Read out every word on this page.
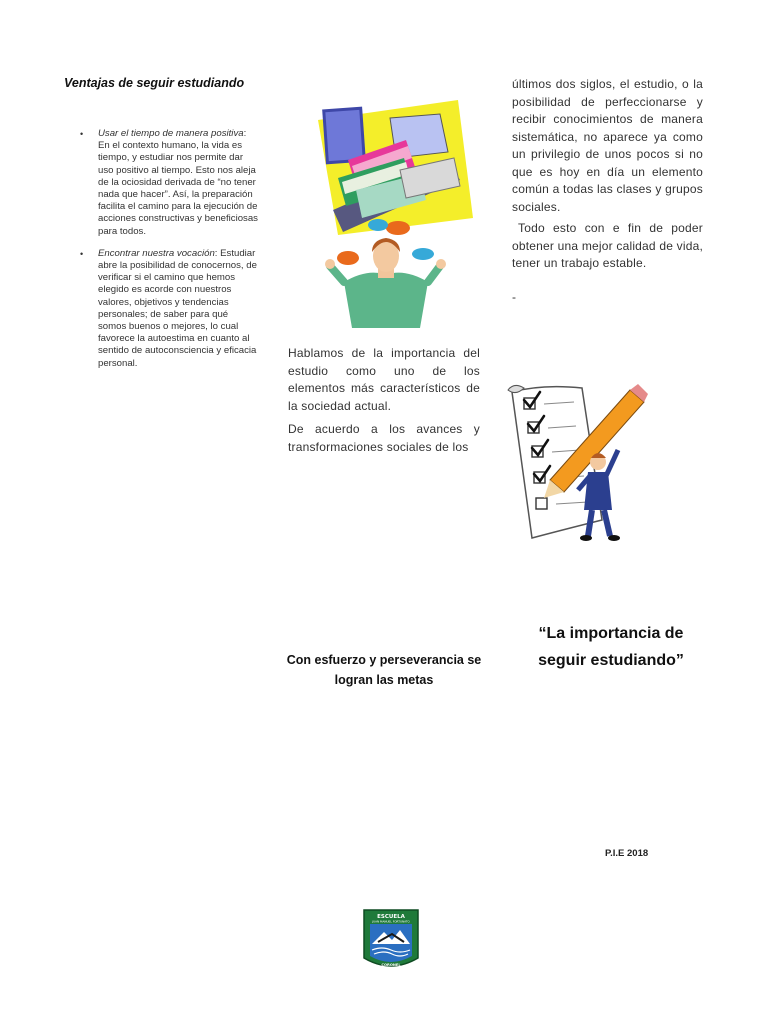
Ventajas de seguir estudiando
• Usar el tiempo de manera positiva: En el contexto humano, la vida es tiempo, y estudiar nos permite dar uso positivo al tiempo. Esto nos aleja de la ociosidad derivada de “no tener nada que hacer”. Así, la preparación facilita el camino para la ejecución de acciones constructivas y beneficiosas para todos.
• Encontrar nuestra vocación: Estudiar abre la posibilidad de conocernos, de verificar si el camino que hemos elegido es acorde con nuestros valores, objetivos y tendencias personales; de saber para qué somos buenos o mejores, lo cual favorece la autoestima en cuanto al sentido de autoconsciencia y eficacia personal.
Hablamos de la importancia del estudio como uno de los elementos más característicos de la sociedad actual.
De acuerdo a los avances y transformaciones sociales de los
Con esfuerzo y perseverancia se logran las metas
últimos dos siglos, el estudio, o la posibilidad de perfeccionarse y recibir conocimientos de manera sistemática, no aparece ya como un privilegio de unos pocos si no que es hoy en día un elemento común a todas las clases y grupos sociales.
Todo esto con e fin de poder obtener una mejor calidad de vida, tener un trabajo estable.
-
“La importancia de seguir estudiando”
P.I.E 2018
ESCUELA
JUAN MANUEL FORTUNATO
CORONEL
